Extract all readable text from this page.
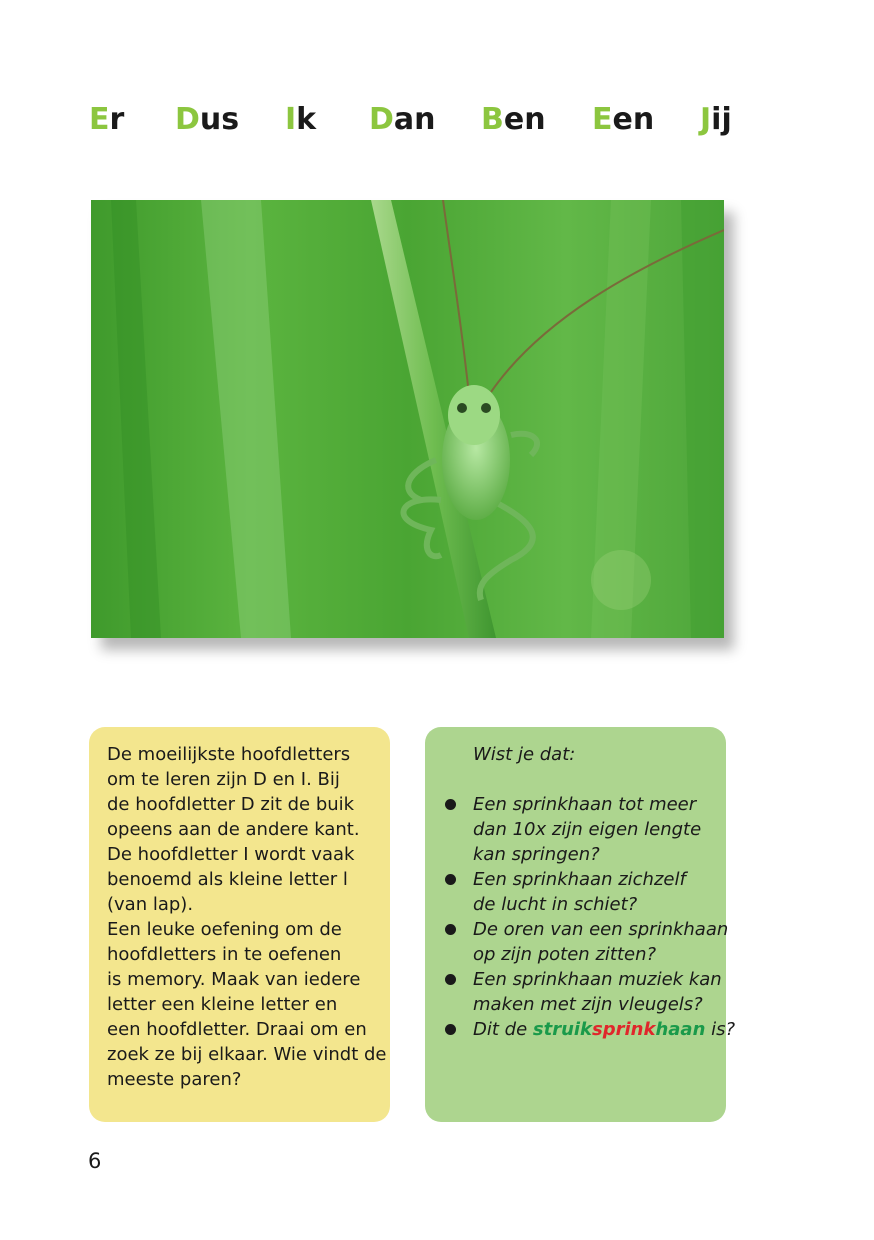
Er Dus Ik Dan Ben Een Jij
De moeilijkste hoofdletters
om te leren zijn D en I. Bij
de hoofdletter D zit de buik
opeens aan de andere kant.
De hoofdletter I wordt vaak
benoemd als kleine letter l
(van lap).
Een leuke oefening om de
hoofdletters in te oefenen
is memory. Maak van iedere
letter een kleine letter en
een hoofdletter. Draai om en
zoek ze bij elkaar. Wie vindt de
meeste paren?
Wist je dat:
Een sprinkhaan tot meer
dan 10x zijn eigen lengte
kan springen?
Een sprinkhaan zichzelf
de lucht in schiet?
De oren van een sprinkhaan
op zijn poten zitten?
Een sprinkhaan muziek kan
maken met zijn vleugels?
Dit de struiksprinkhaan is?
6
